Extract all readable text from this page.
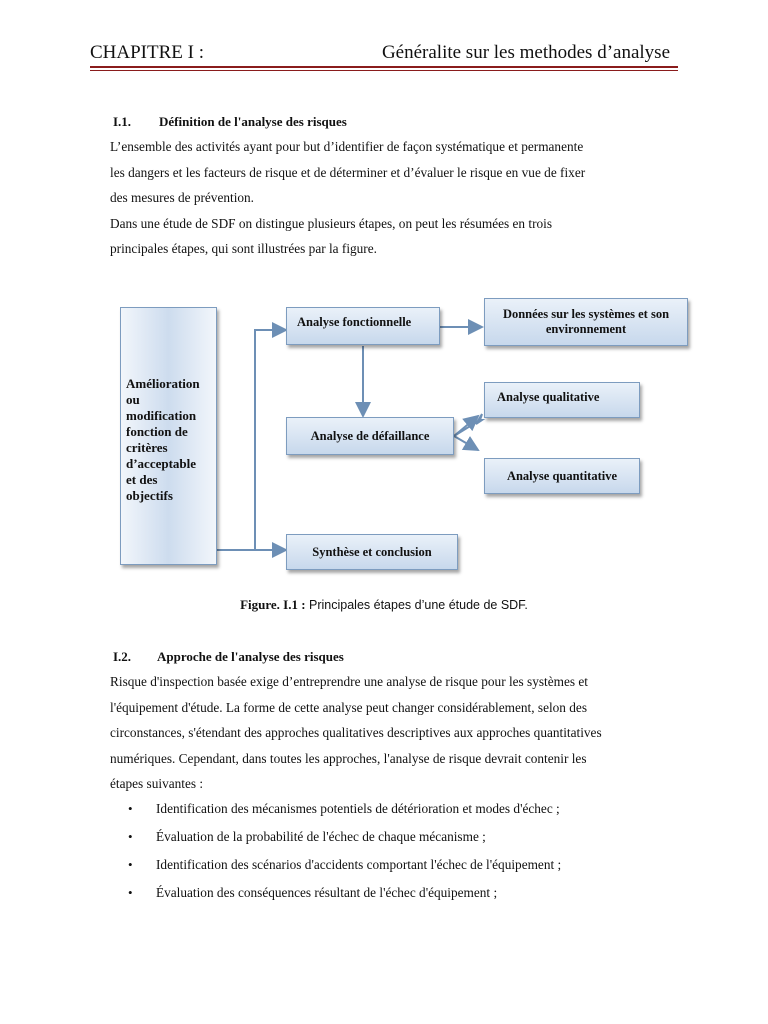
CHAPITRE I :	Généralite sur les methodes d’analyse
I.1. Définition de l'analyse des risques
L’ensemble des activités ayant pour but d’identifier de façon systématique et permanente
les dangers et les facteurs de risque et de déterminer et d’évaluer le risque en vue de fixer
des mesures de prévention.
Dans une étude de SDF on distingue plusieurs étapes, on peut les résumées en trois
principales étapes, qui sont illustrées par la figure.
Amélioration
ou
modification
fonction de
critères
d’acceptable
et des
objectifs
Analyse fonctionnelle
Données sur les systèmes et son environnement
Analyse de défaillance
Analyse qualitative
Analyse quantitative
Synthèse et conclusion
Figure. I.1 : Principales étapes d’une étude de SDF.
I.2. Approche de l'analyse des risques
Risque d'inspection basée exige d’entreprendre une analyse de risque pour les systèmes et
l'équipement d'étude. La forme de cette analyse peut changer considérablement, selon des
circonstances, s'étendant des approches qualitatives descriptives aux approches quantitatives
numériques. Cependant, dans toutes les approches, l'analyse de risque devrait contenir les
étapes suivantes :
• Identification des mécanismes potentiels de détérioration et modes d'échec ;
• Évaluation de la probabilité de l'échec de chaque mécanisme ;
• Identification des scénarios d'accidents comportant l'échec de l'équipement ;
• Évaluation des conséquences résultant de l'échec d'équipement ;
